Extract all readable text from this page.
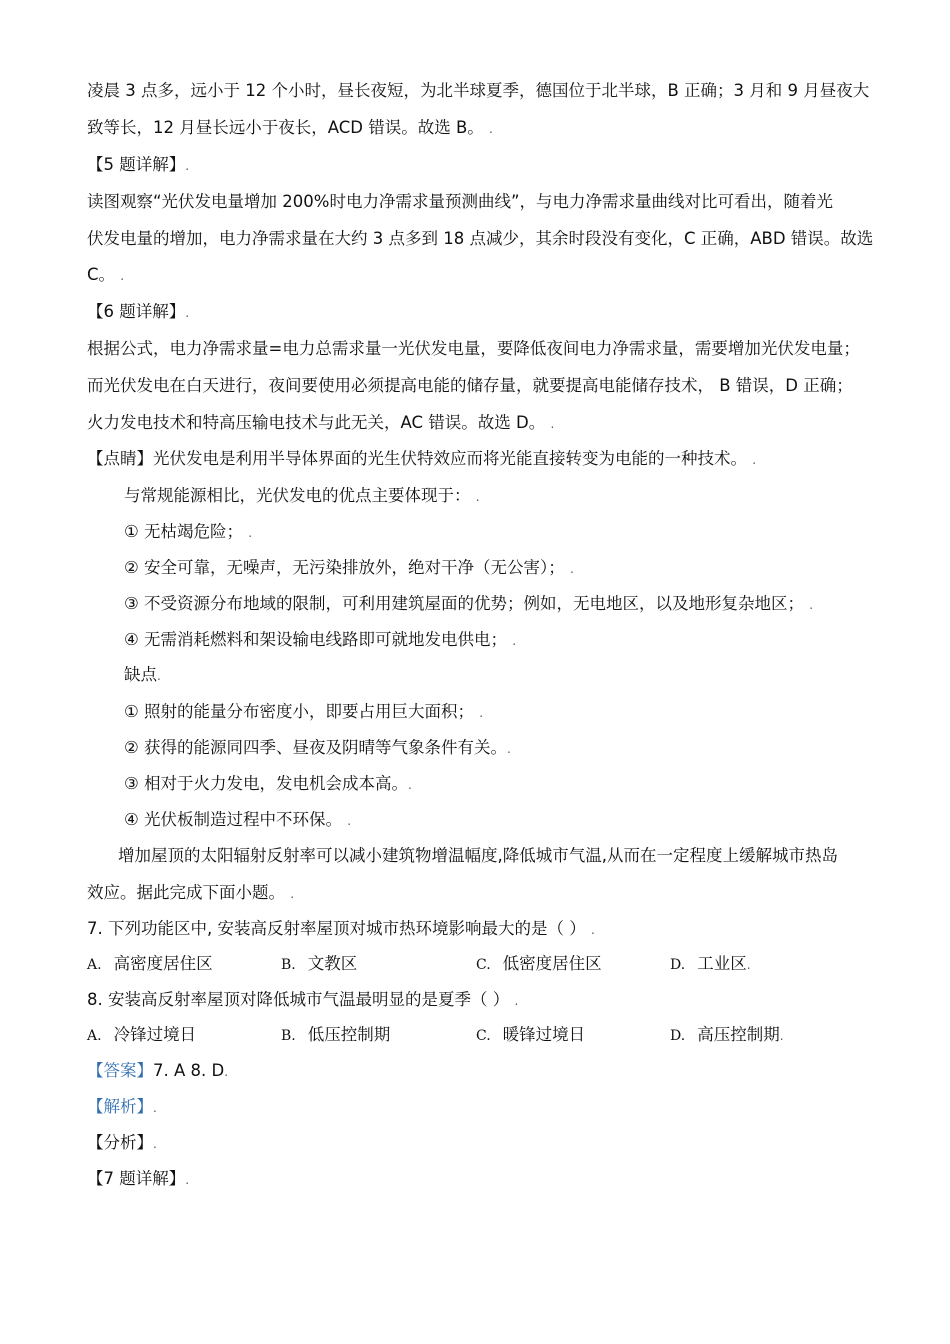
凌晨 3 点多，远小于 12 个小时，昼长夜短，为北半球夏季，德国位于北半球，B 正确；3 月和 9 月昼夜大
致等长，12 月昼长远小于夜长，ACD 错误。故选 B。 .
【5 题详解】.
读图观察“光伏发电量增加 200%时电力净需求量预测曲线”，与电力净需求量曲线对比可看出，随着光
伏发电量的增加，电力净需求量在大约 3 点多到 18 点减少，其余时段没有变化，C 正确，ABD 错误。故选
C。 .
【6 题详解】.
根据公式，电力净需求量=电力总需求量一光伏发电量，要降低夜间电力净需求量，需要增加光伏发电量；
而光伏发电在白天进行，夜间要使用必须提高电能的储存量，就要提高电能储存技术， B 错误，D 正确；
火力发电技术和特高压输电技术与此无关，AC 错误。故选 D。 .
【点睛】光伏发电是利用半导体界面的光生伏特效应而将光能直接转变为电能的一种技术。 .
与常规能源相比，光伏发电的优点主要体现于： .
① 无枯竭危险； .
② 安全可靠，无噪声，无污染排放外，绝对干净（无公害）； .
③ 不受资源分布地域的限制，可利用建筑屋面的优势；例如，无电地区，以及地形复杂地区； .
④ 无需消耗燃料和架设输电线路即可就地发电供电； .
缺点.
① 照射的能量分布密度小，即要占用巨大面积； .
② 获得的能源同四季、昼夜及阴晴等气象条件有关。.
③ 相对于火力发电，发电机会成本高。.
④ 光伏板制造过程中不环保。 .
增加屋顶的太阳辐射反射率可以减小建筑物增温幅度,降低城市气温,从而在一定程度上缓解城市热岛
效应。据此完成下面小题。 .
7. 下列功能区中, 安装高反射率屋顶对城市热环境影响最大的是（ ） .
A. 高密度居住区	B. 文教区	C. 低密度居住区	D. 工业区.
8. 安装高反射率屋顶对降低城市气温最明显的是夏季（ ） .
A. 冷锋过境日	B. 低压控制期	C. 暖锋过境日	D. 高压控制期.
【答案】7. A 8. D.
【解析】.
【分析】.
【7 题详解】.
